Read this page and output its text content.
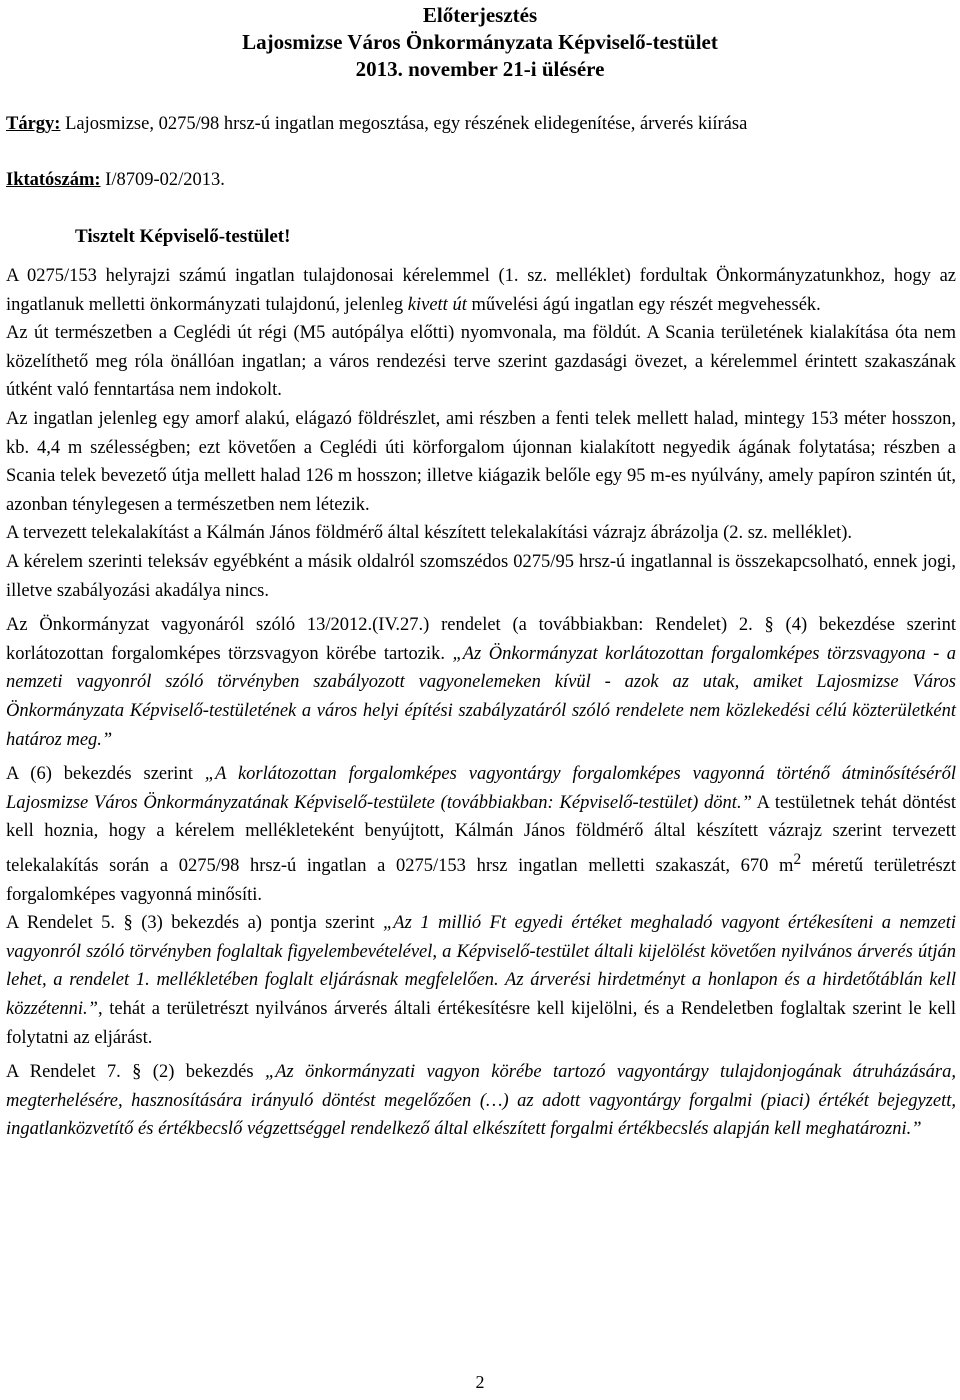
Előterjesztés
Lajosmizse Város Önkormányzata Képviselő-testület
2013. november 21-i ülésére
Tárgy: Lajosmizse, 0275/98 hrsz-ú ingatlan megosztása, egy részének elidegenítése, árverés kiírása
Iktatószám: I/8709-02/2013.
Tisztelt Képviselő-testület!

A 0275/153 helyrajzi számú ingatlan tulajdonosai kérelemmel (1. sz. melléklet) fordultak Önkormányzatunkhoz, hogy az ingatlanuk melletti önkormányzati tulajdonú, jelenleg kivett út művelési ágú ingatlan egy részét megvehessék.

Az út természetben a Ceglédi út régi (M5 autópálya előtti) nyomvonala, ma földút. A Scania területének kialakítása óta nem közelíthető meg róla önállóan ingatlan; a város rendezési terve szerint gazdasági övezet, a kérelemmel érintett szakaszának útként való fenntartása nem indokolt.

Az ingatlan jelenleg egy amorf alakú, elágazó földrészlet, ami részben a fenti telek mellett halad, mintegy 153 méter hosszon, kb. 4,4 m szélességben; ezt követően a Ceglédi úti körforgalom újonnan kialakított negyedik ágának folytatása; részben a Scania telek bevezető útja mellett halad 126 m hosszon; illetve kiágazik belőle egy 95 m-es nyúlvány, amely papíron szintén út, azonban ténylegesen a természetben nem létezik.

A tervezett telekalakítást a Kálmán János földmérő által készített telekalakítási vázrajz ábrázolja (2. sz. melléklet).

A kérelem szerinti teleksáv egyébként a másik oldalról szomszédos 0275/95 hrsz-ú ingatlannal is összekapcsolható, ennek jogi, illetve szabályozási akadálya nincs.

Az Önkormányzat vagyonáról szóló 13/2012.(IV.27.) rendelet (a továbbiakban: Rendelet) 2. § (4) bekezdése szerint korlátozottan forgalomképes törzsvagyon körébe tartozik. „Az Önkormányzat korlátozottan forgalomképes törzsvagyona - a nemzeti vagyonról szóló törvényben szabályozott vagyonelemeken kívül - azok az utak, amiket Lajosmizse Város Önkormányzata Képviselő-testületének a város helyi építési szabályzatáról szóló rendelete nem közlekedési célú közterületként határoz meg.”

A (6) bekezdés szerint „A korlátozottan forgalomképes vagyontárgy forgalomképes vagyonná történő átminősítéséről Lajosmizse Város Önkormányzatának Képviselő-testülete (továbbiakban: Képviselő-testület) dönt.” A testületnek tehát döntést kell hoznia, hogy a kérelem mellékleteként benyújtott, Kálmán János földmérő által készített vázrajz szerint tervezett telekalakítás során a 0275/98 hrsz-ú ingatlan a 0275/153 hrsz ingatlan melletti szakaszát, 670 $m^2$ méretű területrészt forgalomképes vagyonná minősíti.

A Rendelet 5. § (3) bekezdés a) pontja szerint „Az 1 millió Ft egyedi értéket meghaladó vagyont értékesíteni a nemzeti vagyonról szóló törvényben foglaltak figyelembevételével, a Képviselő-testület általi kijelölést követően nyilvános árverés útján lehet, a rendelet 1. mellékletében foglalt eljárásnak megfelelően. Az árverési hirdetményt a honlapon és a hirdetőtáblán kell közzétenni.”, tehát a területrészt nyilvános árverés általi értékesítésre kell kijelölni, és a Rendeletben foglaltak szerint le kell folytatni az eljárást.

A Rendelet 7. § (2) bekezdés „Az önkormányzati vagyon körébe tartozó vagyontárgy tulajdonjogának átruházására, megterhelésére, hasznosítására irányuló döntést megelőzően (…) az adott vagyontárgy forgalmi (piaci) értékét bejegyzett, ingatlanközvetítő és értékbecslő végzettséggel rendelkező által elkészített forgalmi értékbecslés alapján kell meghatározni.”

2
